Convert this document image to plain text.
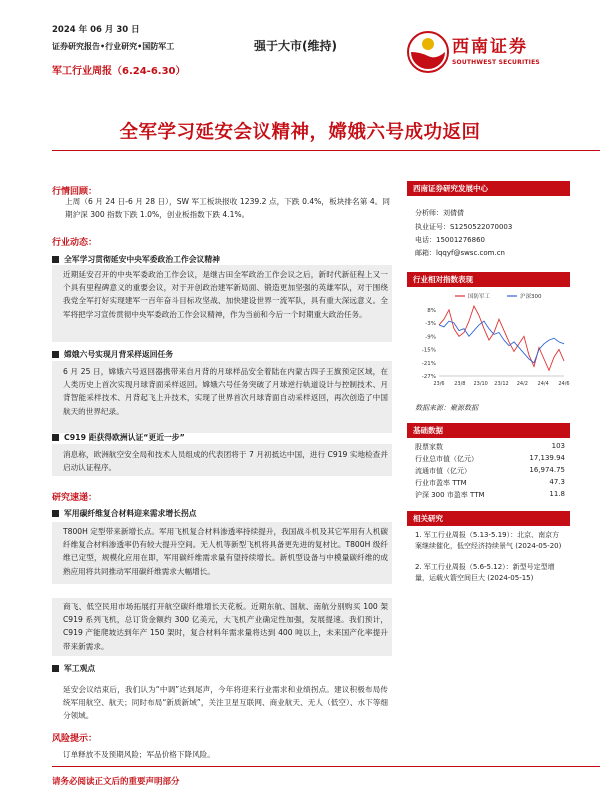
2024 年 06 月 30 日
证券研究报告•行业研究•国防军工
军工行业周报（6.24-6.30）
强于大市(维持)	西南证券
SOUTHWEST SECURITIES
全军学习延安会议精神，嫦娥六号成功返回
行情回顾：
上周（6 月 24 日-6 月 28 日），SW 军工板块报收 1239.2 点，下跌 0.4%，板块排名第 4。同期沪深 300 指数下跌 1.0%，创业板指数下跌 4.1%。
行业动态：
全军学习贯彻延安中央军委政治工作会议精神
近期延安召开的中央军委政治工作会议，是继古田全军政治工作会议之后，新时代新征程上又一个具有里程碑意义的重要会议，对于开创政治建军新局面、锻造更加坚强的英雄军队，对于围绕我党全军打好实现建军一百年奋斗目标攻坚战、加快建设世界一流军队，具有重大深远意义。全军将把学习宣传贯彻中央军委政治工作会议精神，作为当前和今后一个时期重大政治任务。
嫦娥六号实现月背采样返回任务
6 月 25 日，嫦娥六号返回器携带来自月背的月球样品安全着陆在内蒙古四子王旗预定区域，在人类历史上首次实现月球背面采样返回。嫦娥六号任务突破了月球逆行轨道设计与控制技术、月背智能采样技术、月背起飞上升技术，实现了世界首次月球背面自动采样返回，再次创造了中国航天的世界纪录。
C919 距获得欧洲认证“更近一步”
消息称，欧洲航空安全局和技术人员组成的代表团将于 7 月初抵达中国，进行 C919 实地检查并启动认证程序。
研究速递：
军用碳纤维复合材料迎来需求增长拐点
T800H 定型带来新增长点。军用飞机复合材料渗透率持续提升，我国战斗机及其它军用有人机碳纤维复合材料渗透率仍有较大提升空间。无人机等新型飞机将具备更先进的复材比。T800H 级纤维已定型，规模化应用在即，军用碳纤维需求量有望持续增长。新机型设备与中模量碳纤维的成熟应用将共同推动军用碳纤维需求大幅增长。
商飞、低空民用市场拓展打开航空碳纤维增长天花板。近期东航、国航、南航分别购买 100 架 C919 系列飞机，总订货金额约 300 亿美元，大飞机产业确定性加强，发展提速。我们预计，C919 产能爬坡达到年产 150 架时，复合材料年需求量将达到 400 吨以上，未来国产化率提升带来新需求。
军工观点
延安会议结束后，我们认为“中调”达到尾声，今年将迎来行业需求和业绩拐点。建议积极布局传统军用航空、航天；同时布局“新质新域”，关注卫星互联网、商业航天、无人（低空）、水下等细分领域。
风险提示：
订单释放不及预期风险；军品价格下降风险。
西南证券研究发展中心
分析师：刘倩倩
执业证号：S1250522070003
电话：15001276860
邮箱：lqqyf@swsc.com.cn
行业相对指数表现
8%
-3%
-9%
-15%
-21%
-27%
23/6 23/8 23/10 23/12 24/2 24/4 24/6
国防军工	沪深300
数据来源：聚源数据
基础数据
股票家数	103
行业总市值（亿元）	17,139.94
流通市值（亿元）	16,974.75
行业市盈率 TTM	47.3
沪深 300 市盈率 TTM	11.8
相关研究
1. 军工行业周报（5.13-5.19）：北京、南京方案继续催化，低空经济持续景气 (2024-05-20)
2. 军工行业周报（5.6-5.12）：新型号定型增量，运载火箭空间巨大 (2024-05-15)
请务必阅读正文后的重要声明部分
